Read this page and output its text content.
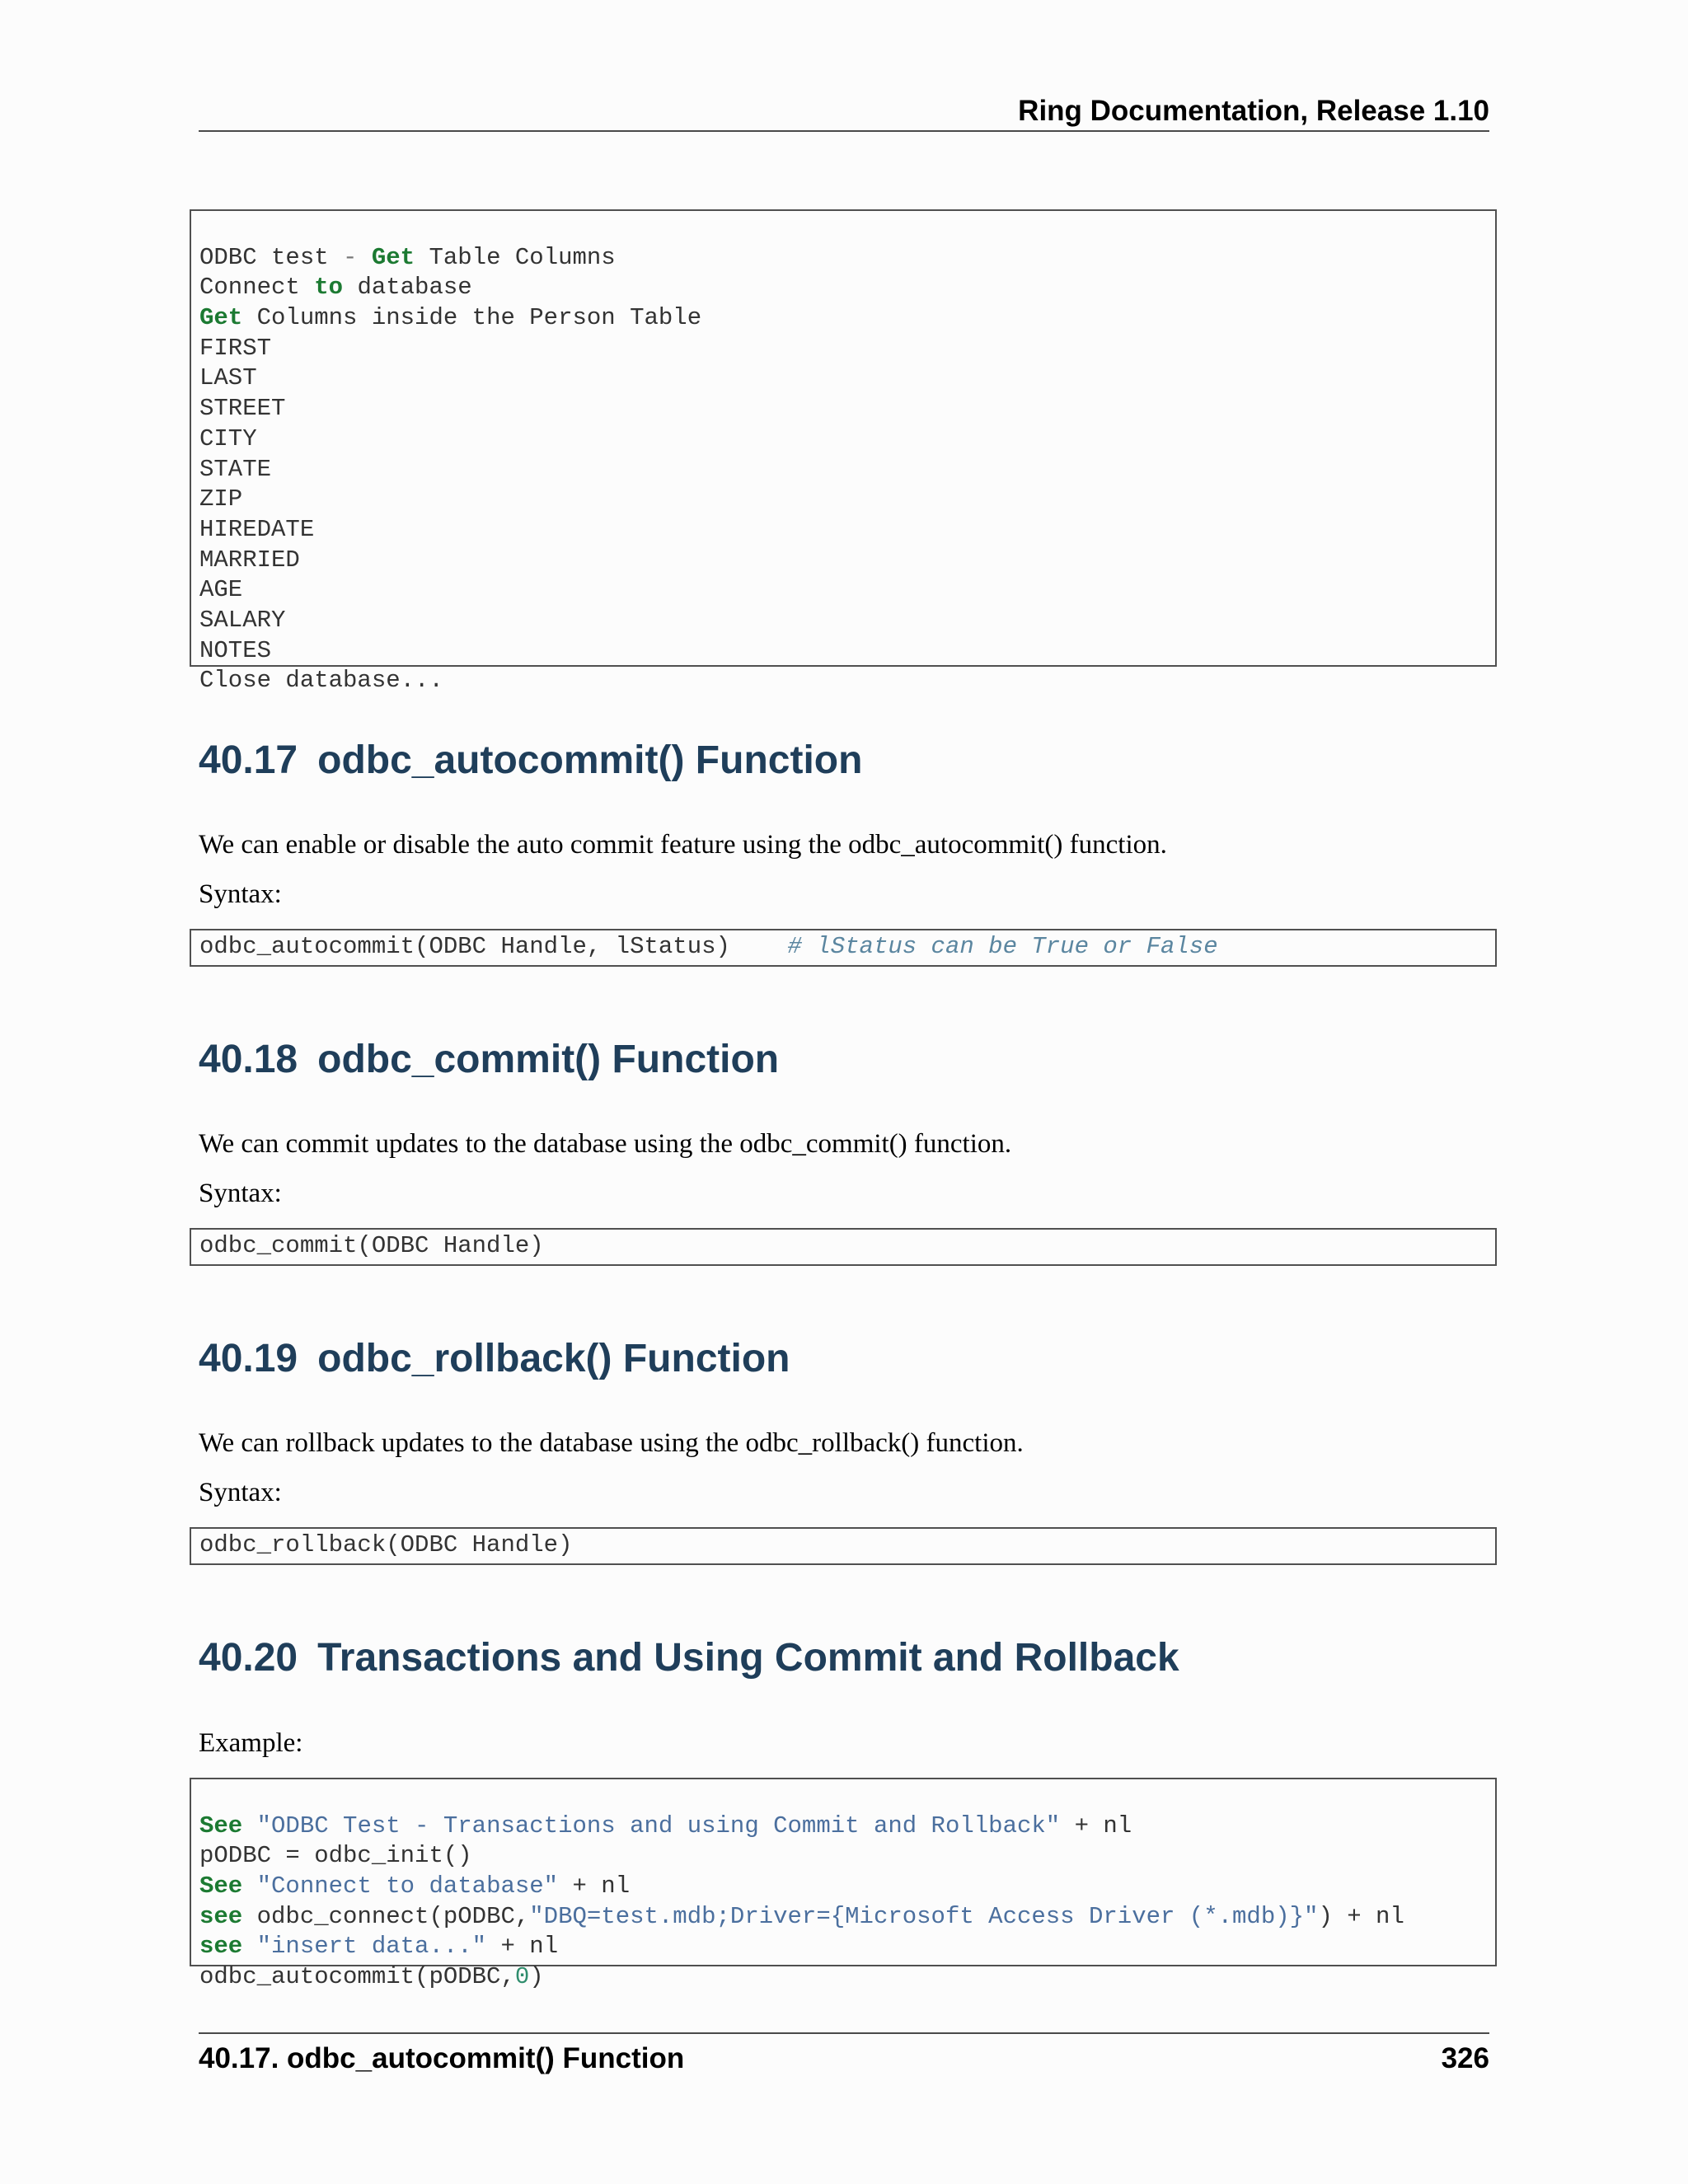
Ring Documentation, Release 1.10

ODBC test - Get Table Columns
Connect to database
Get Columns inside the Person Table
FIRST
LAST
STREET
CITY
STATE
ZIP
HIREDATE
MARRIED
AGE
SALARY
NOTES
Close database...

40.17 odbc_autocommit() Function
We can enable or disable the auto commit feature using the odbc_autocommit() function.
Syntax:
odbc_autocommit(ODBC Handle, lStatus) # lStatus can be True or False
40.18 odbc_commit() Function
We can commit updates to the database using the odbc_commit() function.
Syntax:
odbc_commit(ODBC Handle)
40.19 odbc_rollback() Function
We can rollback updates to the database using the odbc_rollback() function.
Syntax:
odbc_rollback(ODBC Handle)
40.20 Transactions and Using Commit and Rollback
Example:

See "ODBC Test - Transactions and using Commit and Rollback" + nl
pODBC = odbc_init()
See "Connect to database" + nl
see odbc_connect(pODBC,"DBQ=test.mdb;Driver={Microsoft Access Driver (*.mdb)}") + nl
see "insert data..." + nl
odbc_autocommit(pODBC,0)

40.17. odbc_autocommit() Function	326
